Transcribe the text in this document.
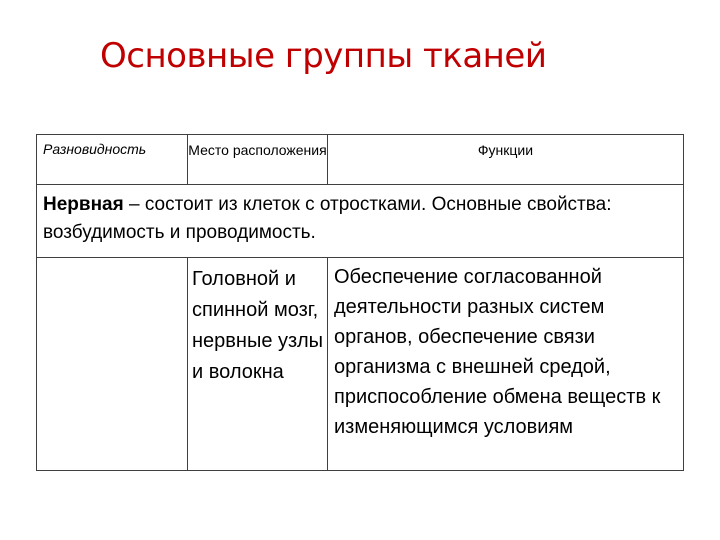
Основные группы тканей
Разновидность	Место расположения	Функции
Нервная – состоит из клеток с отростками. Основные свойства: возбудимость и проводимость.
Головной и спинной мозг, нервные узлы и волокна
Обеспечение согласованной деятельности разных систем органов, обеспечение связи организма с внешней средой, приспособление обмена веществ к изменяющимся условиям
